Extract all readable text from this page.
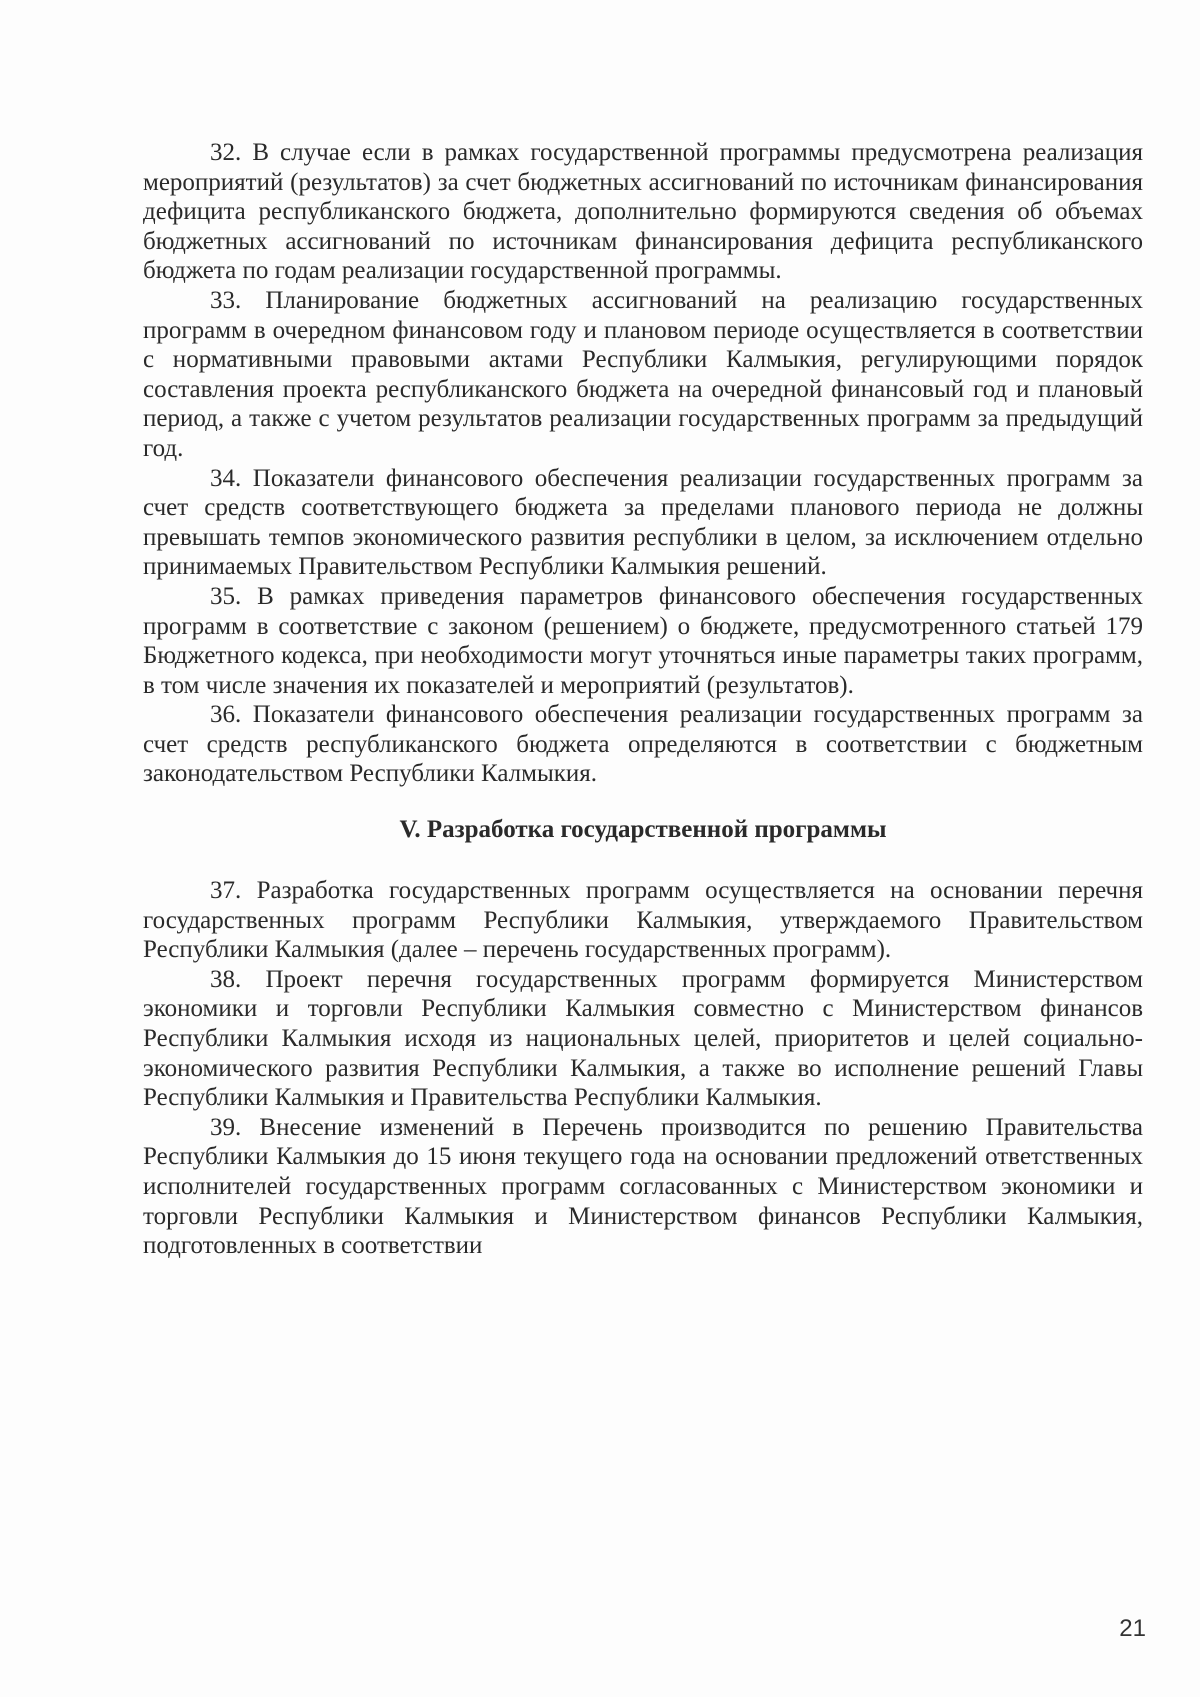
32. В случае если в рамках государственной программы предусмотрена реализация мероприятий (результатов) за счет бюджетных ассигнований по источникам финансирования дефицита республиканского бюджета, дополнительно формируются сведения об объемах бюджетных ассигнований по источникам финансирования дефицита республиканского бюджета по годам реализации государственной программы.

33. Планирование бюджетных ассигнований на реализацию государственных программ в очередном финансовом году и плановом периоде осуществляется в соответствии с нормативными правовыми актами Республики Калмыкия, регулирующими порядок составления проекта республиканского бюджета на очередной финансовый год и плановый период, а также с учетом результатов реализации государственных программ за предыдущий год.

34. Показатели финансового обеспечения реализации государственных программ за счет средств соответствующего бюджета за пределами планового периода не должны превышать темпов экономического развития республики в целом, за исключением отдельно принимаемых Правительством Республики Калмыкия решений.

35. В рамках приведения параметров финансового обеспечения государственных программ в соответствие с законом (решением) о бюджете, предусмотренного статьей 179 Бюджетного кодекса, при необходимости могут уточняться иные параметры таких программ, в том числе значения их показателей и мероприятий (результатов).

36. Показатели финансового обеспечения реализации государственных программ за счет средств республиканского бюджета определяются в соответствии с бюджетным законодательством Республики Калмыкия.

V. Разработка государственной программы

37. Разработка государственных программ осуществляется на основании перечня государственных программ Республики Калмыкия, утверждаемого Правительством Республики Калмыкия (далее – перечень государственных программ).

38. Проект перечня государственных программ формируется Министерством экономики и торговли Республики Калмыкия совместно с Министерством финансов Республики Калмыкия исходя из национальных целей, приоритетов и целей социально-экономического развития Республики Калмыкия, а также во исполнение решений Главы Республики Калмыкия и Правительства Республики Калмыкия.

39. Внесение изменений в Перечень производится по решению Правительства Республики Калмыкия до 15 июня текущего года на основании предложений ответственных исполнителей государственных программ согласованных с Министерством экономики и торговли Республики Калмыкия и Министерством финансов Республики Калмыкия, подготовленных в соответствии

21
